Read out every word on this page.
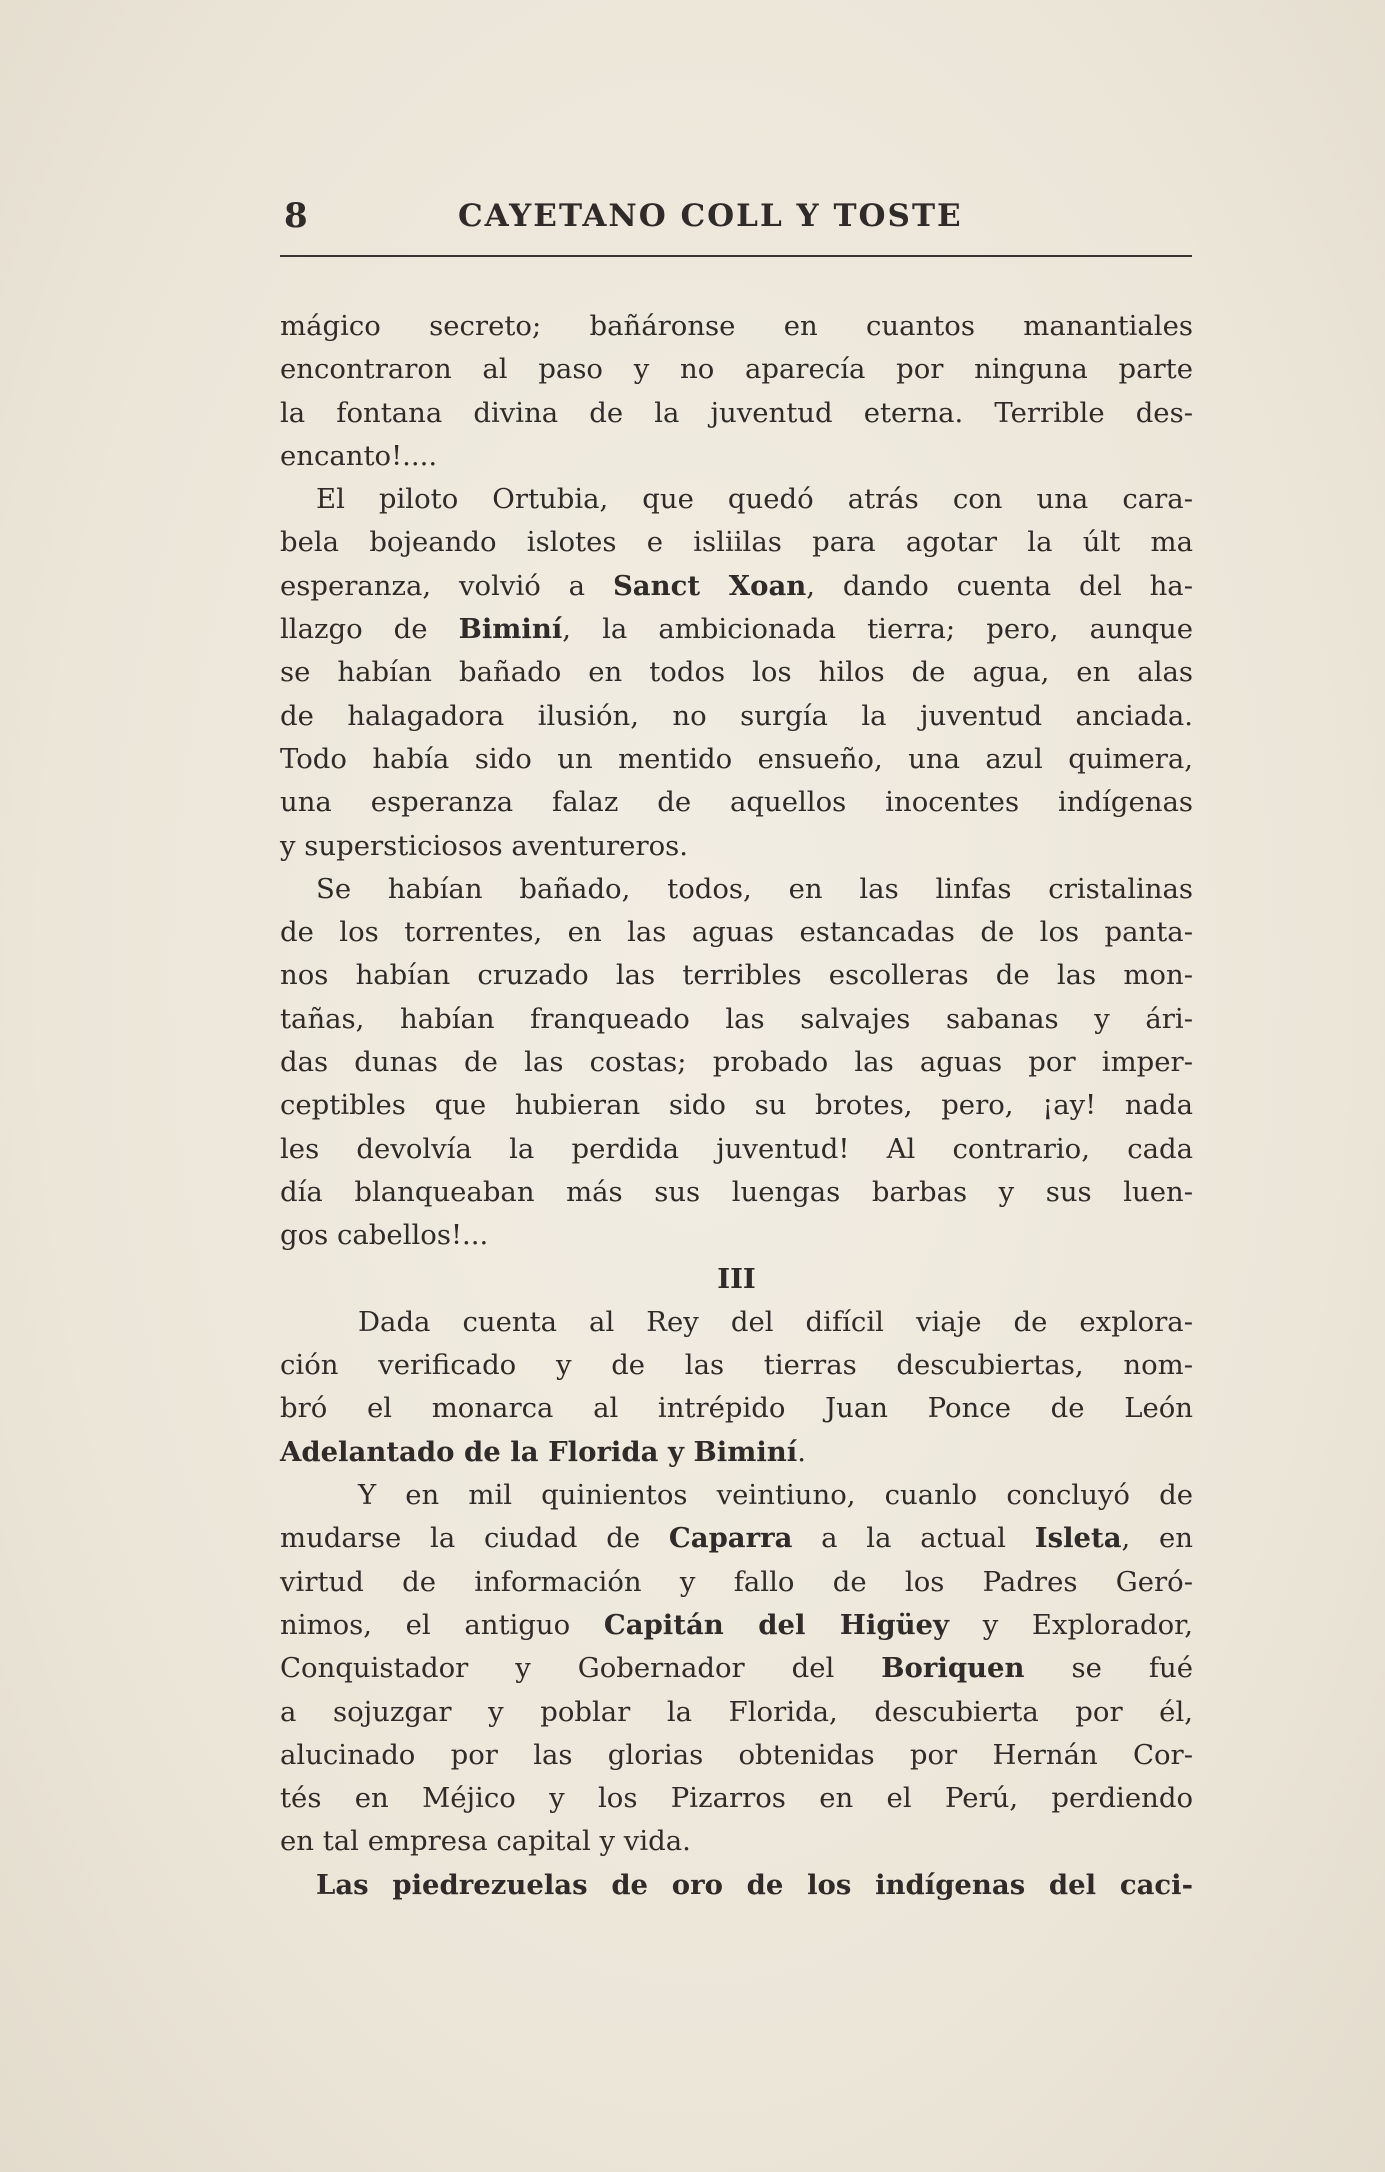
8	CAYETANO COLL Y TOSTE
mágico secreto; bañáronse en cuantos manantiales
encontraron al paso y no aparecía por ninguna parte
la fontana divina de la juventud eterna. Terrible des-
encanto!....
El piloto Ortubia, que quedó atrás con una cara-
bela bojeando islotes e isliilas para agotar la últ ma
esperanza, volvió a Sanct Xoan, dando cuenta del ha-
llazgo de Biminí, la ambicionada tierra; pero, aunque
se habían bañado en todos los hilos de agua, en alas
de halagadora ilusión, no surgía la juventud anciada.
Todo había sido un mentido ensueño, una azul quimera,
una esperanza falaz de aquellos inocentes indígenas
y supersticiosos aventureros.
Se habían bañado, todos, en las linfas cristalinas
de los torrentes, en las aguas estancadas de los panta-
nos habían cruzado las terribles escolleras de las mon-
tañas, habían franqueado las salvajes sabanas y ári-
das dunas de las costas; probado las aguas por imper-
ceptibles que hubieran sido su brotes, pero, ¡ay! nada
les devolvía la perdida juventud! Al contrario, cada
día blanqueaban más sus luengas barbas y sus luen-
gos cabellos!...
III
Dada cuenta al Rey del difícil viaje de explora-
ción verificado y de las tierras descubiertas, nom-
bró el monarca al intrépido Juan Ponce de León
Adelantado de la Florida y Biminí.
Y en mil quinientos veintiuno, cuanlo concluyó de
mudarse la ciudad de Caparra a la actual Isleta, en
virtud de información y fallo de los Padres Geró-
nimos, el antiguo Capitán del Higüey y Explorador,
Conquistador y Gobernador del Boriquen se fué
a sojuzgar y poblar la Florida, descubierta por él,
alucinado por las glorias obtenidas por Hernán Cor-
tés en Méjico y los Pizarros en el Perú, perdiendo
en tal empresa capital y vida.
Las piedrezuelas de oro de los indígenas del caci-
